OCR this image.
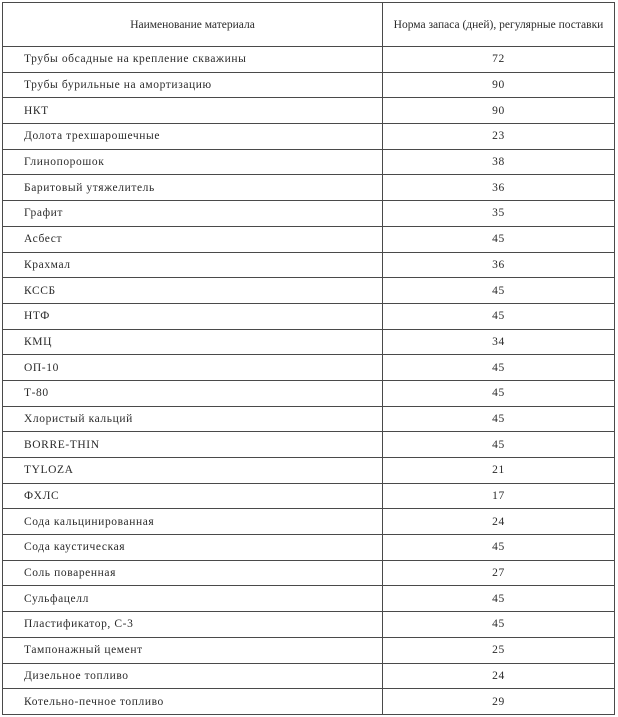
Наименование материала	Норма запаса (дней), регулярные поставки
Трубы обсадные на крепление скважины	72
Трубы бурильные на амортизацию	90
НКТ	90
Долота трехшарошечные	23
Глинопорошок	38
Баритовый утяжелитель	36
Графит	35
Асбест	45
Крахмал	36
КССБ	45
НТФ	45
КМЦ	34
ОП-10	45
Т-80	45
Хлористый кальций	45
BORRE-THIN	45
TYLOZA	21
ФХЛС	17
Сода кальцинированная	24
Сода каустическая	45
Соль поваренная	27
Сульфацелл	45
Пластификатор, С-3	45
Тампонажный цемент	25
Дизельное топливо	24
Котельно-печное топливо	29
